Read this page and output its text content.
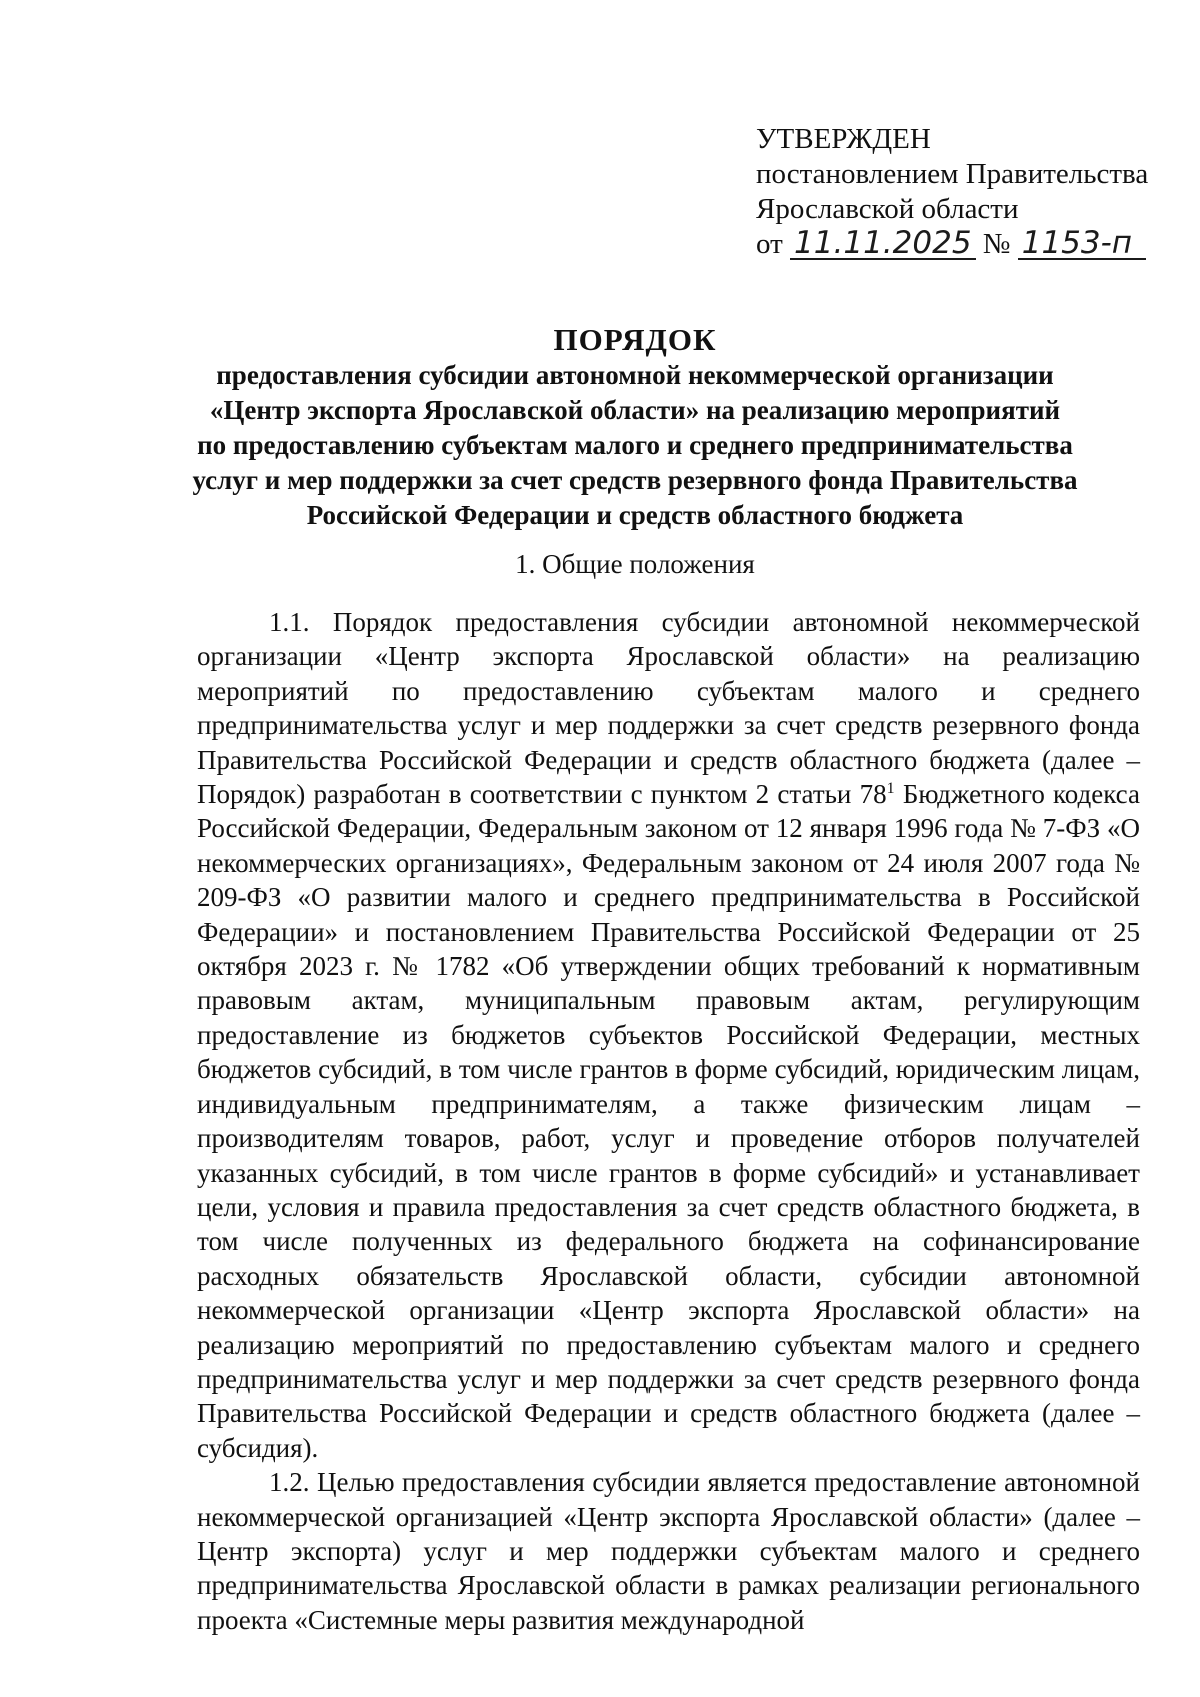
УТВЕРЖДЕН
постановлением Правительства
Ярославской области
от 11.11.2025 № 1153-п
ПОРЯДОК
предоставления субсидии автономной некоммерческой организации
«Центр экспорта Ярославской области» на реализацию мероприятий
по предоставлению субъектам малого и среднего предпринимательства
услуг и мер поддержки за счет средств резервного фонда Правительства
Российской Федерации и средств областного бюджета
1. Общие положения

1.1. Порядок предоставления субсидии автономной некоммерческой организации «Центр экспорта Ярославской области» на реализацию мероприятий по предоставлению субъектам малого и среднего предпринимательства услуг и мер поддержки за счет средств резервного фонда Правительства Российской Федерации и средств областного бюджета (далее – Порядок) разработан в соответствии с пунктом 2 статьи $78^1$ Бюджетного кодекса Российской Федерации, Федеральным законом от 12 января 1996 года № 7-ФЗ «О некоммерческих организациях», Федеральным законом от 24 июля 2007 года № 209-ФЗ «О развитии малого и среднего предпринимательства в Российской Федерации» и постановлением Правительства Российской Федерации от 25 октября 2023 г. № 1782 «Об утверждении общих требований к нормативным правовым актам, муниципальным правовым актам, регулирующим предоставление из бюджетов субъектов Российской Федерации, местных бюджетов субсидий, в том числе грантов в форме субсидий, юридическим лицам, индивидуальным предпринимателям, а также физическим лицам – производителям товаров, работ, услуг и проведение отборов получателей указанных субсидий, в том числе грантов в форме субсидий» и устанавливает цели, условия и правила предоставления за счет средств областного бюджета, в том числе полученных из федерального бюджета на софинансирование расходных обязательств Ярославской области, субсидии автономной некоммерческой организации «Центр экспорта Ярославской области» на реализацию мероприятий по предоставлению субъектам малого и среднего предпринимательства услуг и мер поддержки за счет средств резервного фонда Правительства Российской Федерации и средств областного бюджета (далее – субсидия).

1.2. Целью предоставления субсидии является предоставление автономной некоммерческой организацией «Центр экспорта Ярославской области» (далее – Центр экспорта) услуг и мер поддержки субъектам малого и среднего предпринимательства Ярославской области в рамках реализации регионального проекта «Системные меры развития международной
